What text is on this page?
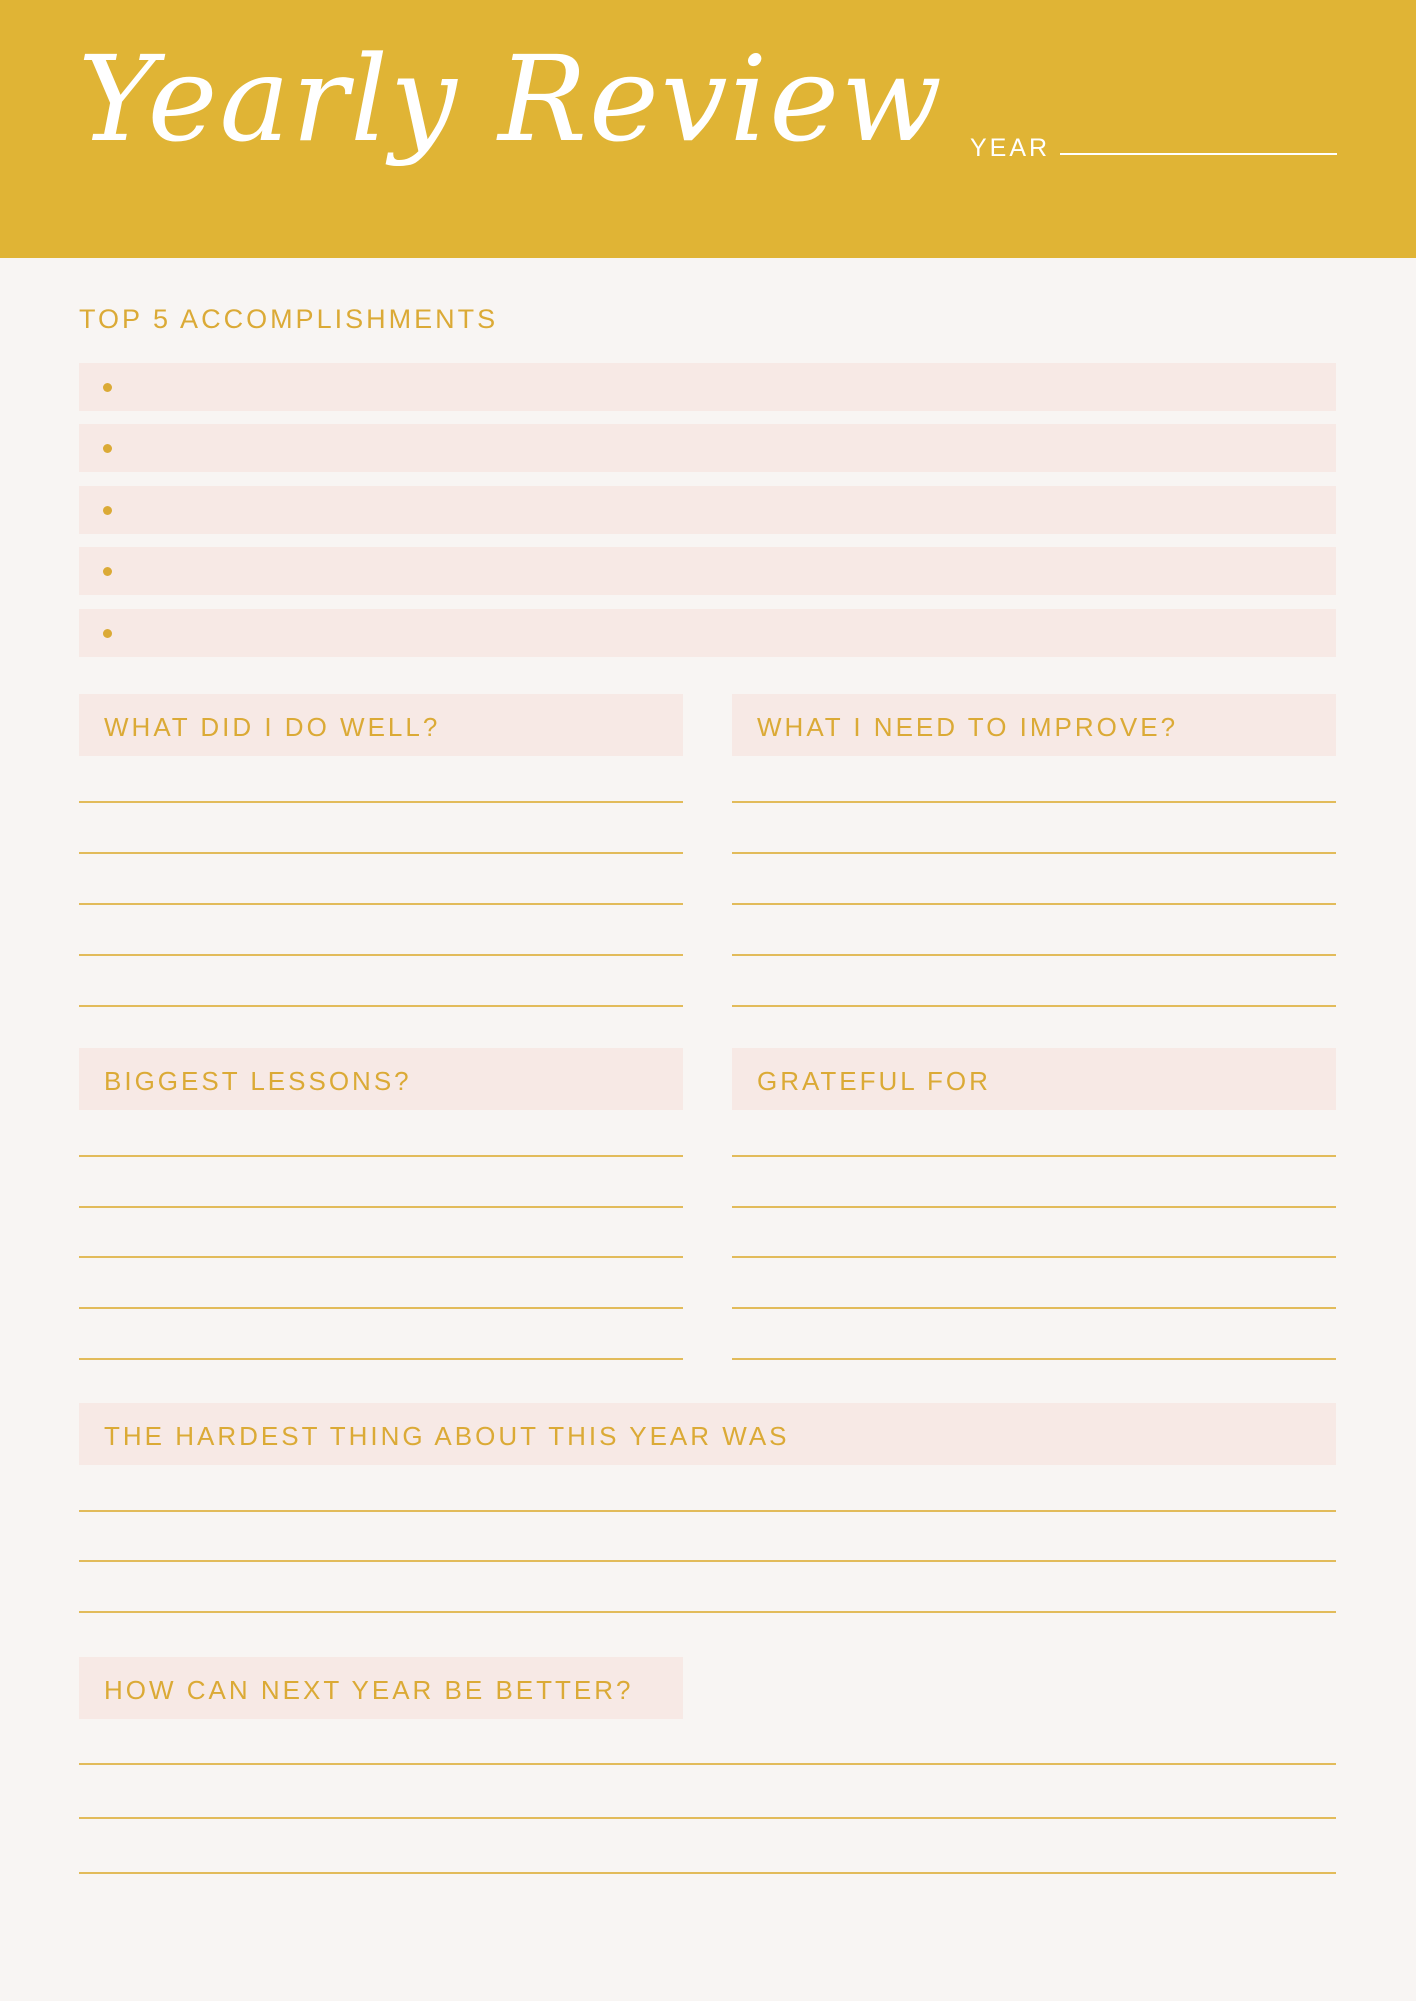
Yearly Review YEAR
TOP 5 ACCOMPLISHMENTS
WHAT DID I DO WELL?	WHAT I NEED TO IMPROVE?
BIGGEST LESSONS?	GRATEFUL FOR
THE HARDEST THING ABOUT THIS YEAR WAS
HOW CAN NEXT YEAR BE BETTER?
